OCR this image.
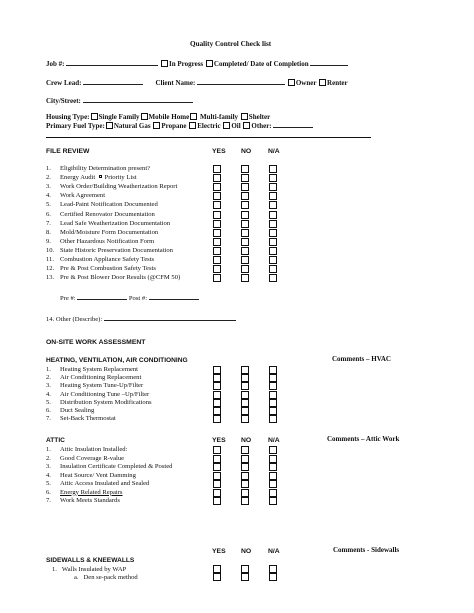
Quality Control Check list
Job #:	In Progress Completed/ Date of Completion
Crew Lead:	Client Name:	Owner Renter
City/Street:
Housing Type: Single Family Mobile Home Multi-family Shelter
Primary Fuel Type: Natural Gas Propane Electric Oil Other:
FILE REVIEW	YES NO N/A
1. Eligibility Determination present?
2. Energy Audit Priority List
3. Work Order/Building Weatherization Report
4. Work Agreement
5. Lead-Paint Notification Documented
6. Certified Renovator Documentation
7. Lead Safe Weatherization Documentation
8. Mold/Moisture Form Documentation
9. Other Hazardous Notification Form
10. State Historic Preservation Documentation
11. Combustion Appliance Safety Tests
12. Pre & Post Combustion Safety Tests
13. Pre & Post Blower Door Results (@CFM 50)
Pre #:	Post #:
14. Other (Describe):
ON-SITE WORK ASSESSMENT
HEATING, VENTILATION, AIR CONDITIONING	Comments – HVAC
1. Heating System Replacement
2. Air Conditioning Replacement
3. Heating System Tune-Up/Filter
4. Air Conditioning Tune –Up/Filter
5. Distribution System Modifications
6. Duct Sealing
7. Set-Back Thermostat
ATTIC	YES NO N/A	Comments – Attic Work
1. Attic Insulation Installed:
2. Good Coverage R-value
3. Insulation Certificate Completed & Posted
4. Heat Source/ Vent Damming
5. Attic Access Insulated and Sealed
6. Energy Related Repairs
7. Work Meets Standards
YES NO N/A	Comments - Sidewalls
SIDEWALLS & KNEEWALLS
1. Walls Insulated by WAP
a. Den se-pack method
